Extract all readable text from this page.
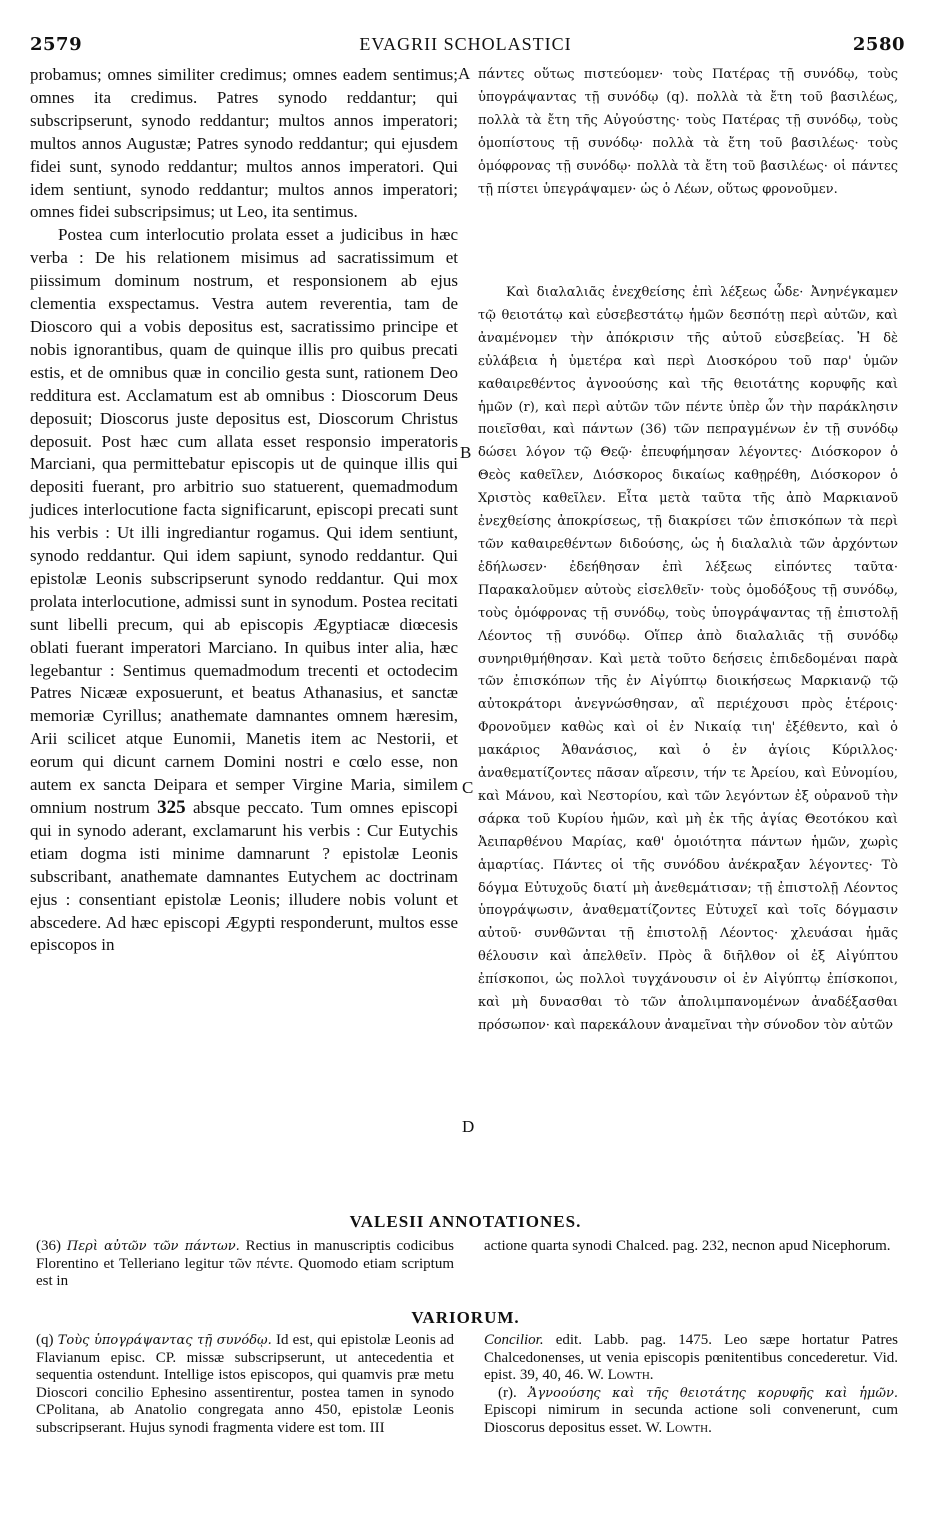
2579	EVAGRII SCHOLASTICI	2580

probamus; omnes similiter credimus; omnes eadem sentimus; omnes ita credimus. Patres synodo reddantur; qui subscripserunt, synodo reddantur; multos annos imperatori; multos annos Augustæ; Patres synodo reddantur; qui ejusdem fidei sunt, synodo reddantur; multos annos imperatori. Qui idem sentiunt, synodo reddantur; multos annos imperatori; omnes fidei subscripsimus; ut Leo, ita sentimus.

Postea cum interlocutio prolata esset a judicibus in hæc verba : De his relationem misimus ad sacratissimum et piissimum dominum nostrum, et responsionem ab ejus clementia exspectamus. Vestra autem reverentia, tam de Dioscoro qui a vobis depositus est, sacratissimo principe et nobis ignorantibus, quam de quinque illis pro quibus precati estis, et de omnibus quæ in concilio gesta sunt, rationem Deo redditura est. Acclamatum est ab omnibus : Dioscorum Deus deposuit; Dioscorus juste depositus est, Dioscorum Christus deposuit. Post hæc cum allata esset responsio imperatoris Marciani, qua permittebatur episcopis ut de quinque illis qui depositi fuerant, pro arbitrio suo statuerent, quemadmodum judices interlocutione facta significarunt, episcopi precati sunt his verbis : Ut illi ingrediantur rogamus. Qui idem sentiunt, synodo reddantur. Qui idem sapiunt, synodo reddantur. Qui epistolæ Leonis subscripserunt synodo reddantur. Qui mox prolata interlocutione, admissi sunt in synodum. Postea recitati sunt libelli precum, qui ab episcopis Ægyptiacæ diœcesis oblati fuerant imperatori Marciano. In quibus inter alia, hæc legebantur : Sentimus quemadmodum trecenti et octodecim Patres Nicææ exposuerunt, et beatus Athanasius, et sanctæ memoriæ Cyrillus; anathemate damnantes omnem hæresim, Arii scilicet atque Eunomii, Manetis item ac Nestorii, et eorum qui dicunt carnem Domini nostri e cœlo esse, non autem ex sancta Deipara et semper Virgine Maria, similem omnium nostrum 325 absque peccato. Tum omnes episcopi qui in synodo aderant, exclamarunt his verbis : Cur Eutychis etiam dogma isti minime damnarunt ? epistolæ Leonis subscribant, anathemate damnantes Eutychem ac doctrinam ejus : consentiant epistolæ Leonis; illudere nobis volunt et abscedere. Ad hæc episcopi Ægypti responderunt, multos esse episcopos in

A
B
C
D

πάντες οὕτως πιστεύομεν· τοὺς Πατέρας τῇ συνόδῳ, τοὺς ὑπογράψαντας τῇ συνόδῳ (q). πολλὰ τὰ ἔτη τοῦ βασιλέως, πολλὰ τὰ ἔτη τῆς Αὐγούστης· τοὺς Πατέρας τῇ συνόδῳ, τοὺς ὁμοπίστους τῇ συνόδῳ· πολλὰ τὰ ἔτη τοῦ βασιλέως· τοὺς ὁμόφρονας τῇ συνόδῳ· πολλὰ τὰ ἔτη τοῦ βασιλέως· οἱ πάντες τῇ πίστει ὑπεγράψαμεν· ὡς ὁ Λέων, οὕτως φρονοῦμεν.

Καὶ διαλαλιᾶς ἐνεχθείσης ἐπὶ λέξεως ὧδε· Ἀνηνέγκαμεν τῷ θειοτάτῳ καὶ εὐσεβεστάτῳ ἡμῶν δεσπότῃ περὶ αὐτῶν, καὶ ἀναμένομεν τὴν ἀπόκρισιν τῆς αὐτοῦ εὐσεβείας. Ἡ δὲ εὐλάβεια ἡ ὑμετέρα καὶ περὶ Διοσκόρου τοῦ παρ' ὑμῶν καθαιρεθέντος ἀγνοούσης καὶ τῆς θειοτάτης κορυφῆς καὶ ἡμῶν (r), καὶ περὶ αὐτῶν τῶν πέντε ὑπὲρ ὧν τὴν παράκλησιν ποιεῖσθαι, καὶ πάντων (36) τῶν πεπραγμένων ἐν τῇ συνόδῳ δώσει λόγον τῷ Θεῷ· ἐπευφήμησαν λέγοντες· Διόσκορον ὁ Θεὸς καθεῖλεν, Διόσκορος δικαίως καθῃρέθη, Διόσκορον ὁ Χριστὸς καθεῖλεν. Εἶτα μετὰ ταῦτα τῆς ἀπὸ Μαρκιανοῦ ἐνεχθείσης ἀποκρίσεως, τῇ διακρίσει τῶν ἐπισκόπων τὰ περὶ τῶν καθαιρεθέντων διδούσης, ὡς ἡ διαλαλιὰ τῶν ἀρχόντων ἐδήλωσεν· ἐδεήθησαν ἐπὶ λέξεως εἰπόντες ταῦτα· Παρακαλοῦμεν αὐτοὺς εἰσελθεῖν· τοὺς ὁμοδόξους τῇ συνόδῳ, τοὺς ὁμόφρονας τῇ συνόδῳ, τοὺς ὑπογράψαντας τῇ ἐπιστολῇ Λέοντος τῇ συνόδῳ. Οἵπερ ἀπὸ διαλαλιᾶς τῇ συνόδῳ συνηριθμήθησαν. Καὶ μετὰ τοῦτο δεήσεις ἐπιδεδομέναι παρὰ τῶν ἐπισκόπων τῆς ἐν Αἰγύπτῳ διοικήσεως Μαρκιανῷ τῷ αὐτοκράτορι ἀνεγνώσθησαν, αἳ περιέχουσι πρὸς ἑτέροις· Φρονοῦμεν καθὼς καὶ οἱ ἐν Νικαίᾳ τιη' ἐξέθεντο, καὶ ὁ μακάριος Ἀθανάσιος, καὶ ὁ ἐν ἁγίοις Κύριλλος· ἀναθεματίζοντες πᾶσαν αἵρεσιν, τήν τε Ἀρείου, καὶ Εὐνομίου, καὶ Μάνου, καὶ Νεστορίου, καὶ τῶν λεγόντων ἐξ οὐρανοῦ τὴν σάρκα τοῦ Κυρίου ἡμῶν, καὶ μὴ ἐκ τῆς ἁγίας Θεοτόκου καὶ Ἀειπαρθένου Μαρίας, καθ' ὁμοιότητα πάντων ἡμῶν, χωρὶς ἁμαρτίας. Πάντες οἱ τῆς συνόδου ἀνέκραξαν λέγοντες· Τὸ δόγμα Εὐτυχοῦς διατί μὴ ἀνεθεμάτισαν; τῇ ἐπιστολῇ Λέοντος ὑπογράψωσιν, ἀναθεματίζοντες Εὐτυχεῖ καὶ τοῖς δόγμασιν αὐτοῦ· συνθῶνται τῇ ἐπιστολῇ Λέοντος· χλευάσαι ἡμᾶς θέλουσιν καὶ ἀπελθεῖν. Πρὸς ἃ διῆλθον οἱ ἐξ Αἰγύπτου ἐπίσκοποι, ὡς πολλοὶ τυγχάνουσιν οἱ ἐν Αἰγύπτῳ ἐπίσκοποι, καὶ μὴ δυνασθαι τὸ τῶν ἀπολιμπανομένων ἀναδέξασθαι πρόσωπον· καὶ παρεκάλουν ἀναμεῖναι τὴν σύνοδον τὸν αὐτῶν

VALESII ANNOTATIONES.

(36) Περὶ αὐτῶν τῶν πάντων. Rectius in manuscriptis codicibus Florentino et Telleriano legitur τῶν πέντε. Quomodo etiam scriptum est in

actione quarta synodi Chalced. pag. 232, necnon apud Nicephorum.

VARIORUM.

(q) Τοὺς ὑπογράψαντας τῇ συνόδῳ. Id est, qui epistolæ Leonis ad Flavianum episc. CP. missæ subscripserunt, ut antecedentia et sequentia ostendunt. Intellige istos episcopos, qui quamvis præ metu Dioscori concilio Ephesino assentirentur, postea tamen in synodo CPolitana, ab Anatolio congregata anno 450, epistolæ Leonis subscripserant. Hujus synodi fragmenta videre est tom. III

Concilior. edit. Labb. pag. 1475. Leo sæpe hortatur Patres Chalcedonenses, ut venia episcopis pœnitentibus concederetur. Vid. epist. 39, 40, 46. W. Lowth.

(r). Ἀγνοούσης καὶ τῆς θειοτάτης κορυφῆς καὶ ἡμῶν. Episcopi nimirum in secunda actione soli convenerunt, cum Dioscorus depositus esset. W. Lowth.
